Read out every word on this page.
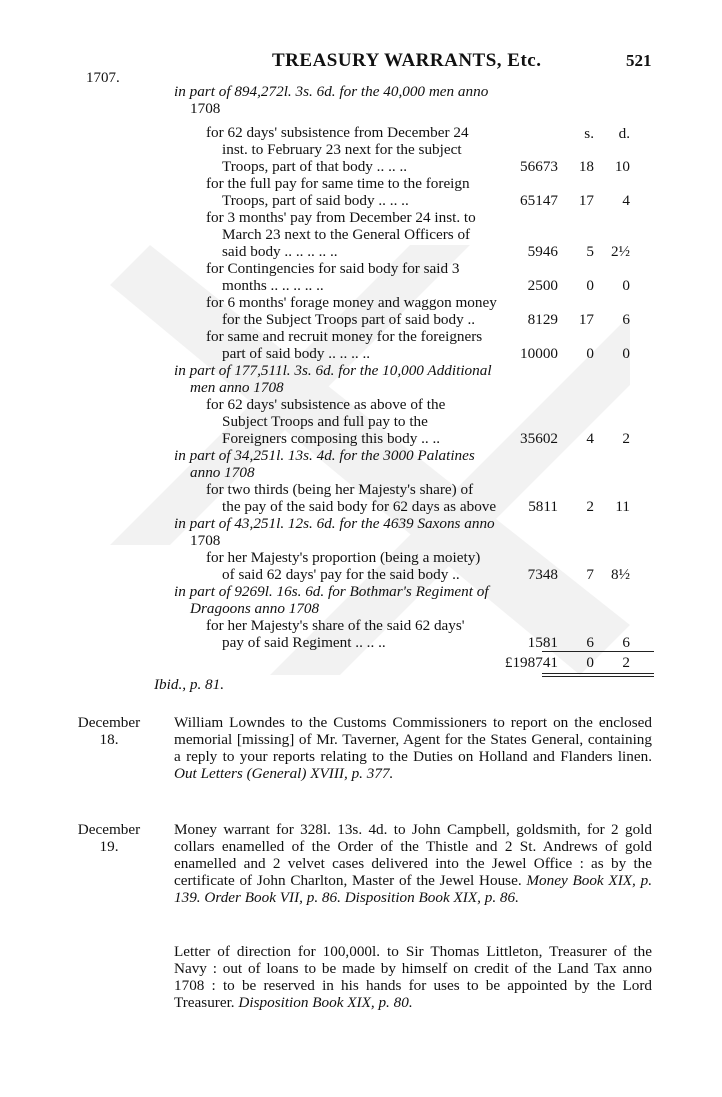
TREASURY WARRANTS, Etc.	521
1707.
in part of 894,272l. 3s. 6d. for the 40,000 men anno
1708
s.	d.
for 62 days' subsistence from December 24
inst. to February 23 next for the subject
Troops, part of that body .. .. ..	56673	18	10
for the full pay for same time to the foreign
Troops, part of said body .. .. ..	65147	17	4
for 3 months' pay from December 24 inst. to
March 23 next to the General Officers of
said body .. .. .. .. ..	5946	5	2½
for Contingencies for said body for said 3
months .. .. .. .. ..	2500	0	0
for 6 months' forage money and waggon money
for the Subject Troops part of said body ..	8129	17	6
for same and recruit money for the foreigners
part of said body .. .. .. ..	10000	0	0
in part of 177,511l. 3s. 6d. for the 10,000 Additional
men anno 1708
for 62 days' subsistence as above of the
Subject Troops and full pay to the
Foreigners composing this body .. ..	35602	4	2
in part of 34,251l. 13s. 4d. for the 3000 Palatines
anno 1708
for two thirds (being her Majesty's share) of
the pay of the said body for 62 days as above 5811	2	11
in part of 43,251l. 12s. 6d. for the 4639 Saxons anno
1708
for her Majesty's proportion (being a moiety)
of said 62 days' pay for the said body ..	7348	7	8½
in part of 9269l. 16s. 6d. for Bothmar's Regiment of
Dragoons anno 1708
for her Majesty's share of the said 62 days'
pay of said Regiment .. .. ..	1581	6	6
£198741	0	2
Ibid., p. 81.
December
18.
William Lowndes to the Customs Commissioners to report on the enclosed memorial [missing] of Mr. Taverner, Agent for the States General, containing a reply to your reports relating to the Duties on Holland and Flanders linen. Out Letters (General) XVIII, p. 377.
December
19.
Money warrant for 328l. 13s. 4d. to John Campbell, goldsmith, for 2 gold collars enamelled of the Order of the Thistle and 2 St. Andrews of gold enamelled and 2 velvet cases delivered into the Jewel Office : as by the certificate of John Charlton, Master of the Jewel House. Money Book XIX, p. 139. Order Book VII, p. 86. Disposition Book XIX, p. 86.
Letter of direction for 100,000l. to Sir Thomas Littleton, Treasurer of the Navy : out of loans to be made by himself on credit of the Land Tax anno 1708 : to be reserved in his hands for uses to be appointed by the Lord Treasurer. Disposition Book XIX, p. 80.
